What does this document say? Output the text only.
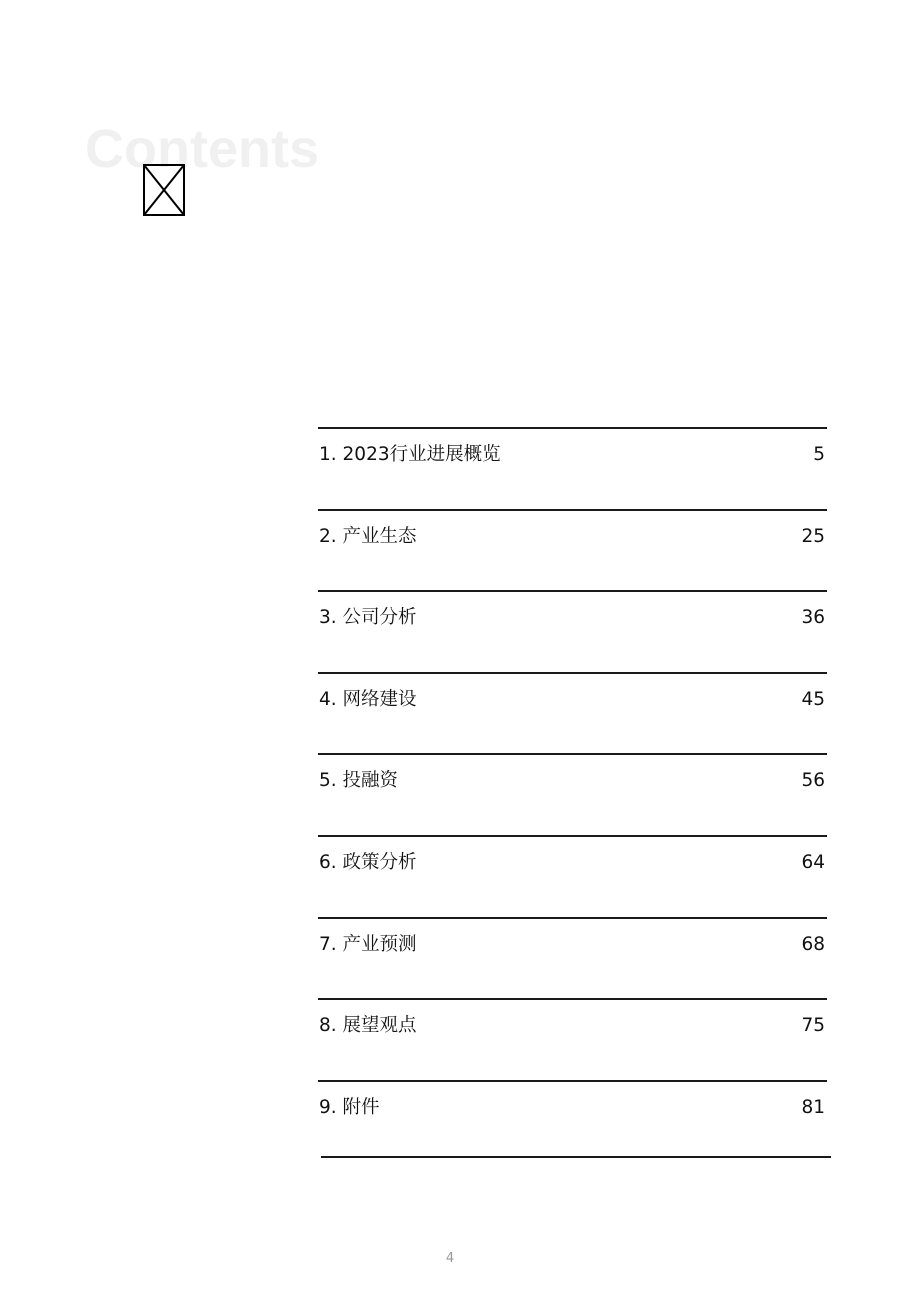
Contents
1. 2023行业进展概览	5
2. 产业生态	25
3. 公司分析	36
4. 网络建设	45
5. 投融资	56
6. 政策分析	64
7. 产业预测	68
8. 展望观点	75
9. 附件	81
4
